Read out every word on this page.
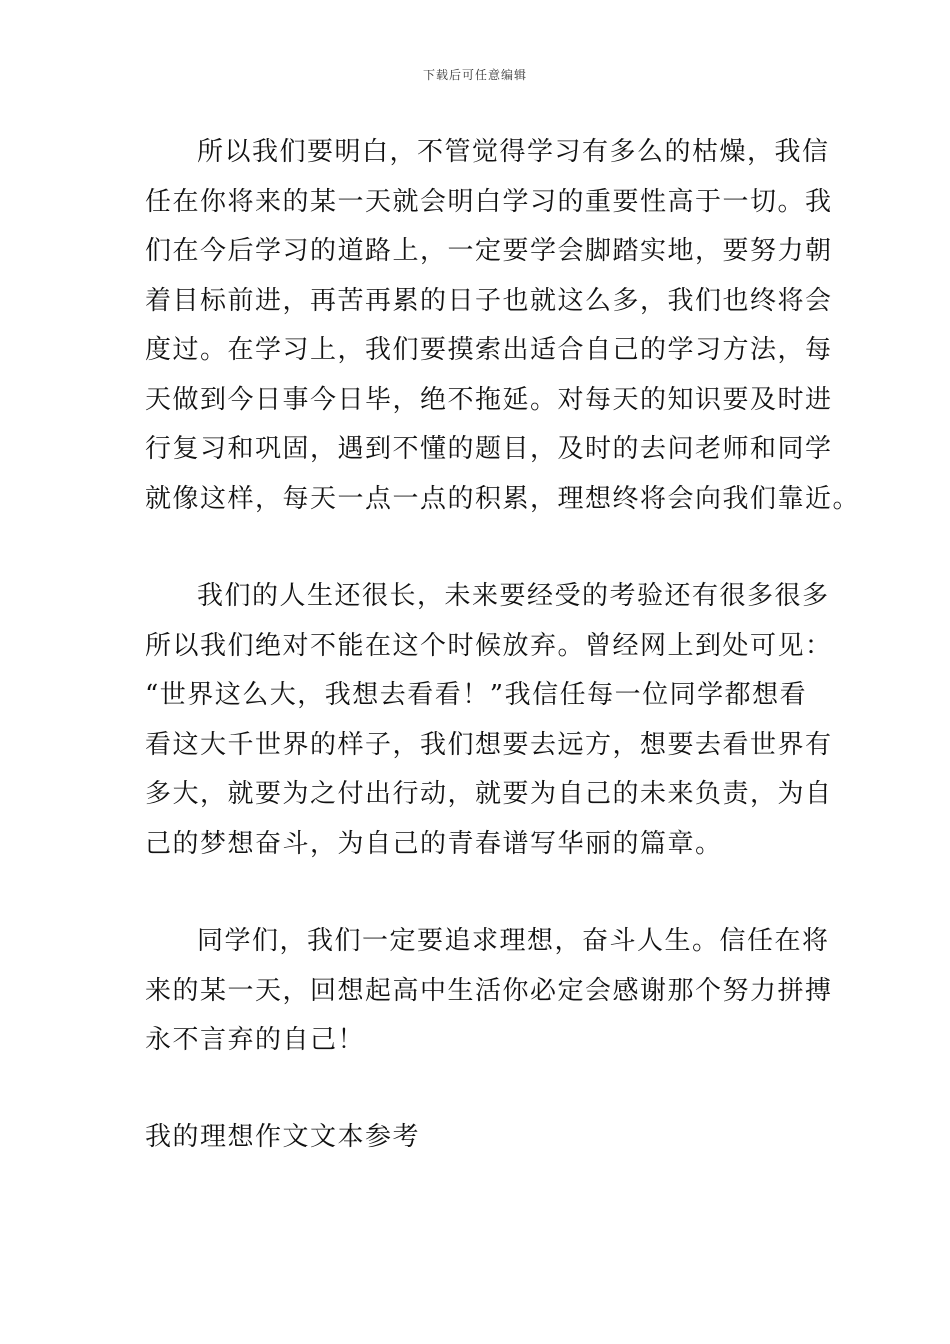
下载后可任意编辑
所以我们要明白，不管觉得学习有多么的枯燥，我信
任在你将来的某一天就会明白学习的重要性高于一切。我
们在今后学习的道路上，一定要学会脚踏实地，要努力朝
着目标前进，再苦再累的日子也就这么多，我们也终将会
度过。在学习上，我们要摸索出适合自己的学习方法，每
天做到今日事今日毕，绝不拖延。对每天的知识要及时进
行复习和巩固，遇到不懂的题目，及时的去问老师和同学
就像这样，每天一点一点的积累，理想终将会向我们靠近。
我们的人生还很长，未来要经受的考验还有很多很多
所以我们绝对不能在这个时候放弃。曾经网上到处可见：
“世界这么大，我想去看看！”我信任每一位同学都想看
看这大千世界的样子，我们想要去远方，想要去看世界有
多大，就要为之付出行动，就要为自己的未来负责，为自
己的梦想奋斗，为自己的青春谱写华丽的篇章。
同学们，我们一定要追求理想，奋斗人生。信任在将
来的某一天，回想起高中生活你必定会感谢那个努力拼搏
永不言弃的自己！
我的理想作文文本参考
